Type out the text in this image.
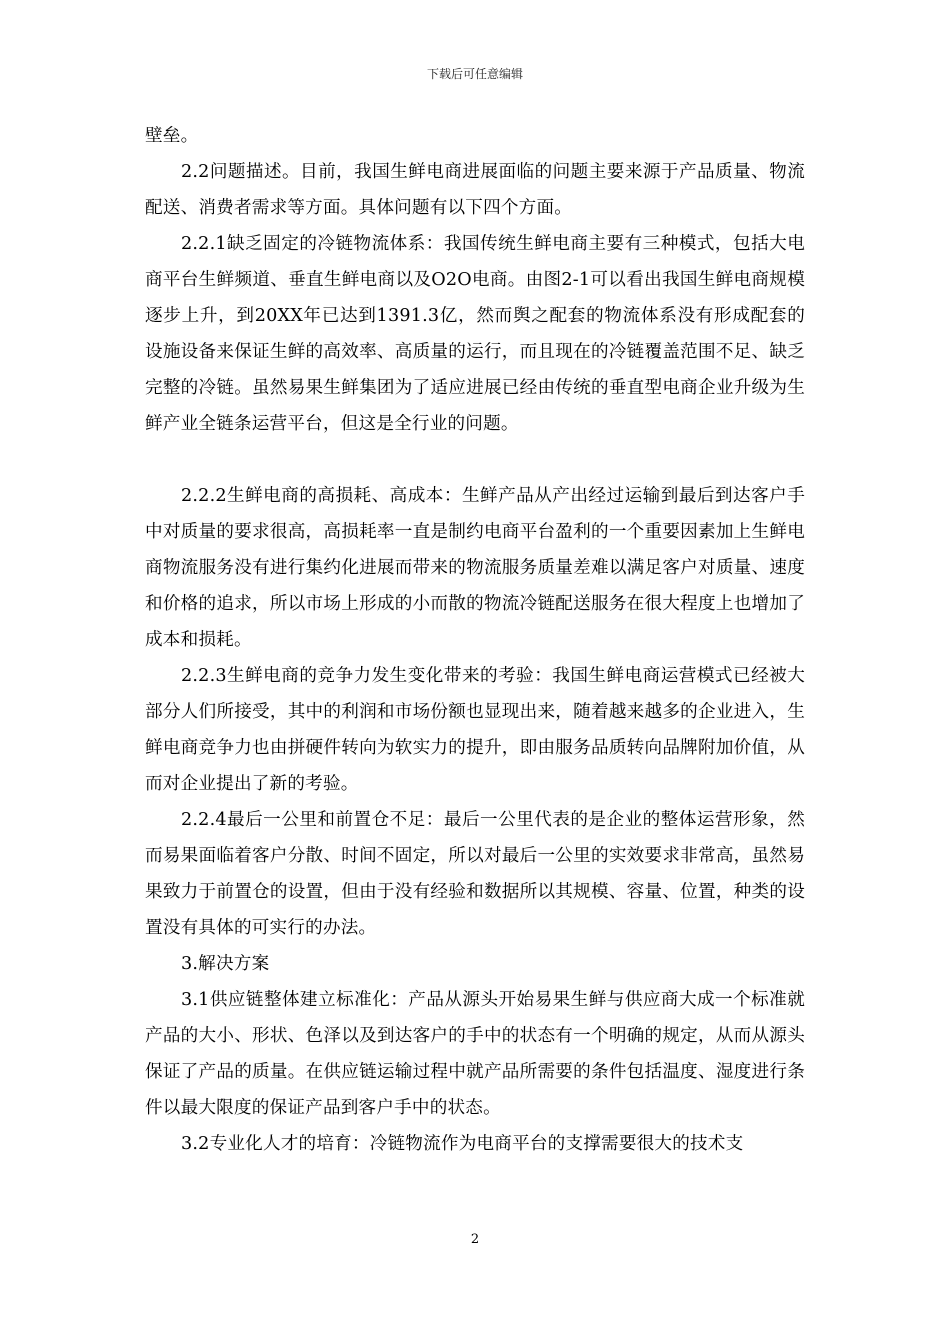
下载后可任意编辑

壁垒。

2.2问题描述。目前，我国生鲜电商进展面临的问题主要来源于产品质量、物流配送、消费者需求等方面。具体问题有以下四个方面。

2.2.1缺乏固定的冷链物流体系：我国传统生鲜电商主要有三种模式，包括大电商平台生鲜频道、垂直生鲜电商以及O2O电商。由图2-1可以看出我国生鲜电商规模逐步上升，到20XX年已达到1391.3亿，然而舆之配套的物流体系没有形成配套的设施设备来保证生鲜的高效率、高质量的运行，而且现在的冷链覆盖范围不足、缺乏完整的冷链。虽然易果生鲜集团为了适应进展已经由传统的垂直型电商企业升级为生鲜产业全链条运营平台，但这是全行业的问题。

2.2.2生鲜电商的高损耗、高成本：生鲜产品从产出经过运输到最后到达客户手中对质量的要求很高，高损耗率一直是制约电商平台盈利的一个重要因素加上生鲜电商物流服务没有进行集约化进展而带来的物流服务质量差难以满足客户对质量、速度和价格的追求，所以市场上形成的小而散的物流冷链配送服务在很大程度上也增加了成本和损耗。

2.2.3生鲜电商的竞争力发生变化带来的考验：我国生鲜电商运营模式已经被大部分人们所接受，其中的利润和市场份额也显现出来，随着越来越多的企业进入，生鲜电商竞争力也由拼硬件转向为软实力的提升，即由服务品质转向品牌附加价值，从而对企业提出了新的考验。

2.2.4最后一公里和前置仓不足：最后一公里代表的是企业的整体运营形象，然而易果面临着客户分散、时间不固定，所以对最后一公里的实效要求非常高，虽然易果致力于前置仓的设置，但由于没有经验和数据所以其规模、容量、位置，种类的设置没有具体的可实行的办法。

3.解决方案

3.1供应链整体建立标准化：产品从源头开始易果生鲜与供应商大成一个标准就产品的大小、形状、色泽以及到达客户的手中的状态有一个明确的规定，从而从源头保证了产品的质量。在供应链运输过程中就产品所需要的条件包括温度、湿度进行条件以最大限度的保证产品到客户手中的状态。

3.2专业化人才的培育：冷链物流作为电商平台的支撑需要很大的技术支

2
